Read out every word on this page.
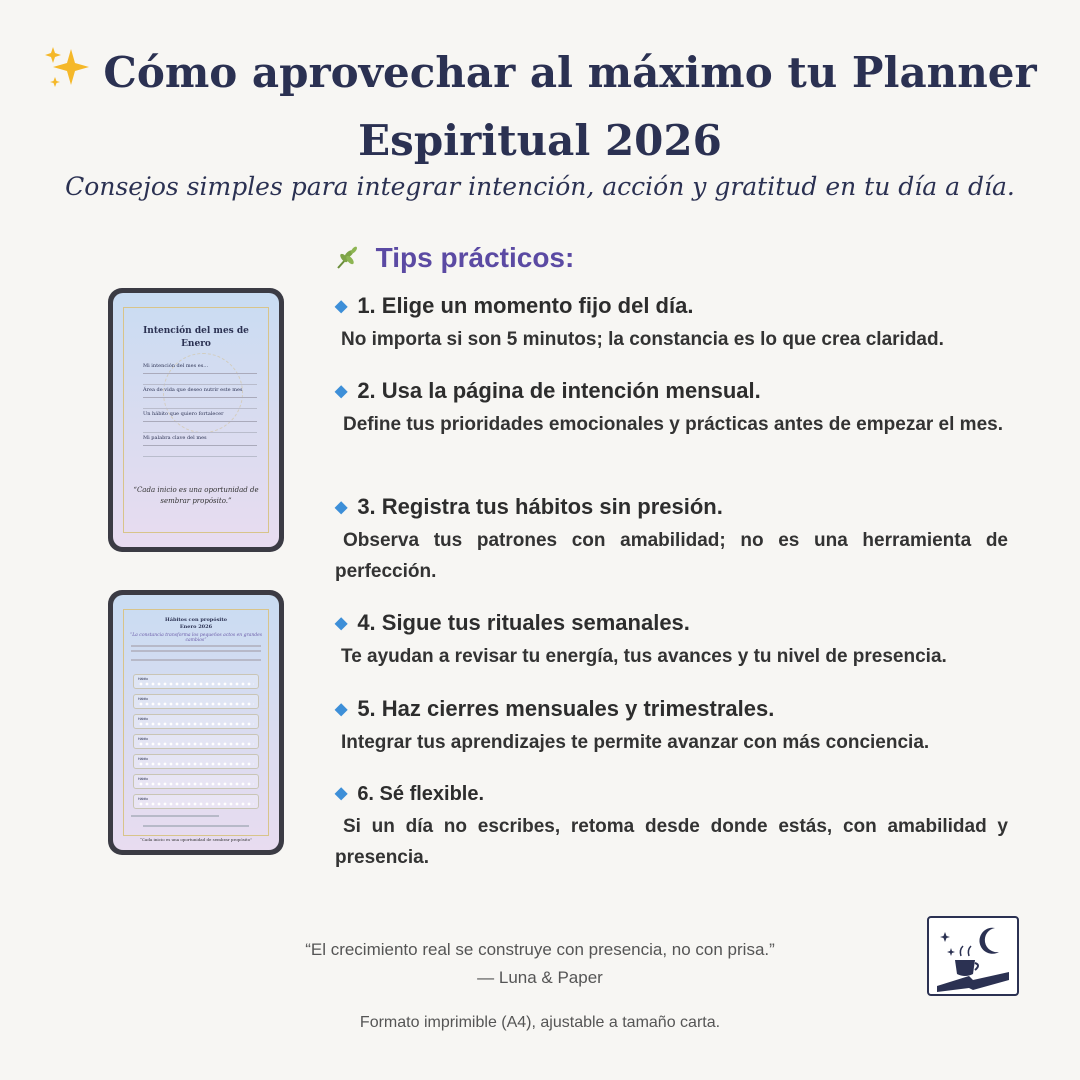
Cómo aprovechar al máximo tu Planner
Espiritual 2026
Consejos simples para integrar intención, acción y gratitud en tu día a día.
Intención del mes de Enero
Mi intención del mes es…
Área de vida que deseo nutrir este mes
Un hábito que quiero fortalecer
Mi palabra clave del mes
“Cada inicio es una oportunidad de sembrar propósito.”
Hábitos con propósito
Enero 2026
“La constancia transforma los pequeños actos en grandes cambios”
Hábito
Hábito
Hábito
Hábito
Hábito
Hábito
Hábito
“Cada inicio es una oportunidad de sembrar propósito”
Tips prácticos:
◆ 1. Elige un momento fijo del día.
No importa si son 5 minutos; la constancia es lo que crea claridad.
◆ 2. Usa la página de intención mensual.
Define tus prioridades emocionales y prácticas antes de empezar el mes.
◆ 3. Registra tus hábitos sin presión.
Observa tus patrones con amabilidad; no es una herramienta de perfección.
◆ 4. Sigue tus rituales semanales.
Te ayudan a revisar tu energía, tus avances y tu nivel de presencia.
◆ 5. Haz cierres mensuales y trimestrales.
Integrar tus aprendizajes te permite avanzar con más conciencia.
◆ 6. Sé flexible.
Si un día no escribes, retoma desde donde estás, con amabilidad y presencia.
“El crecimiento real se construye con presencia, no con prisa.”
— Luna & Paper
Formato imprimible (A4), ajustable a tamaño carta.
